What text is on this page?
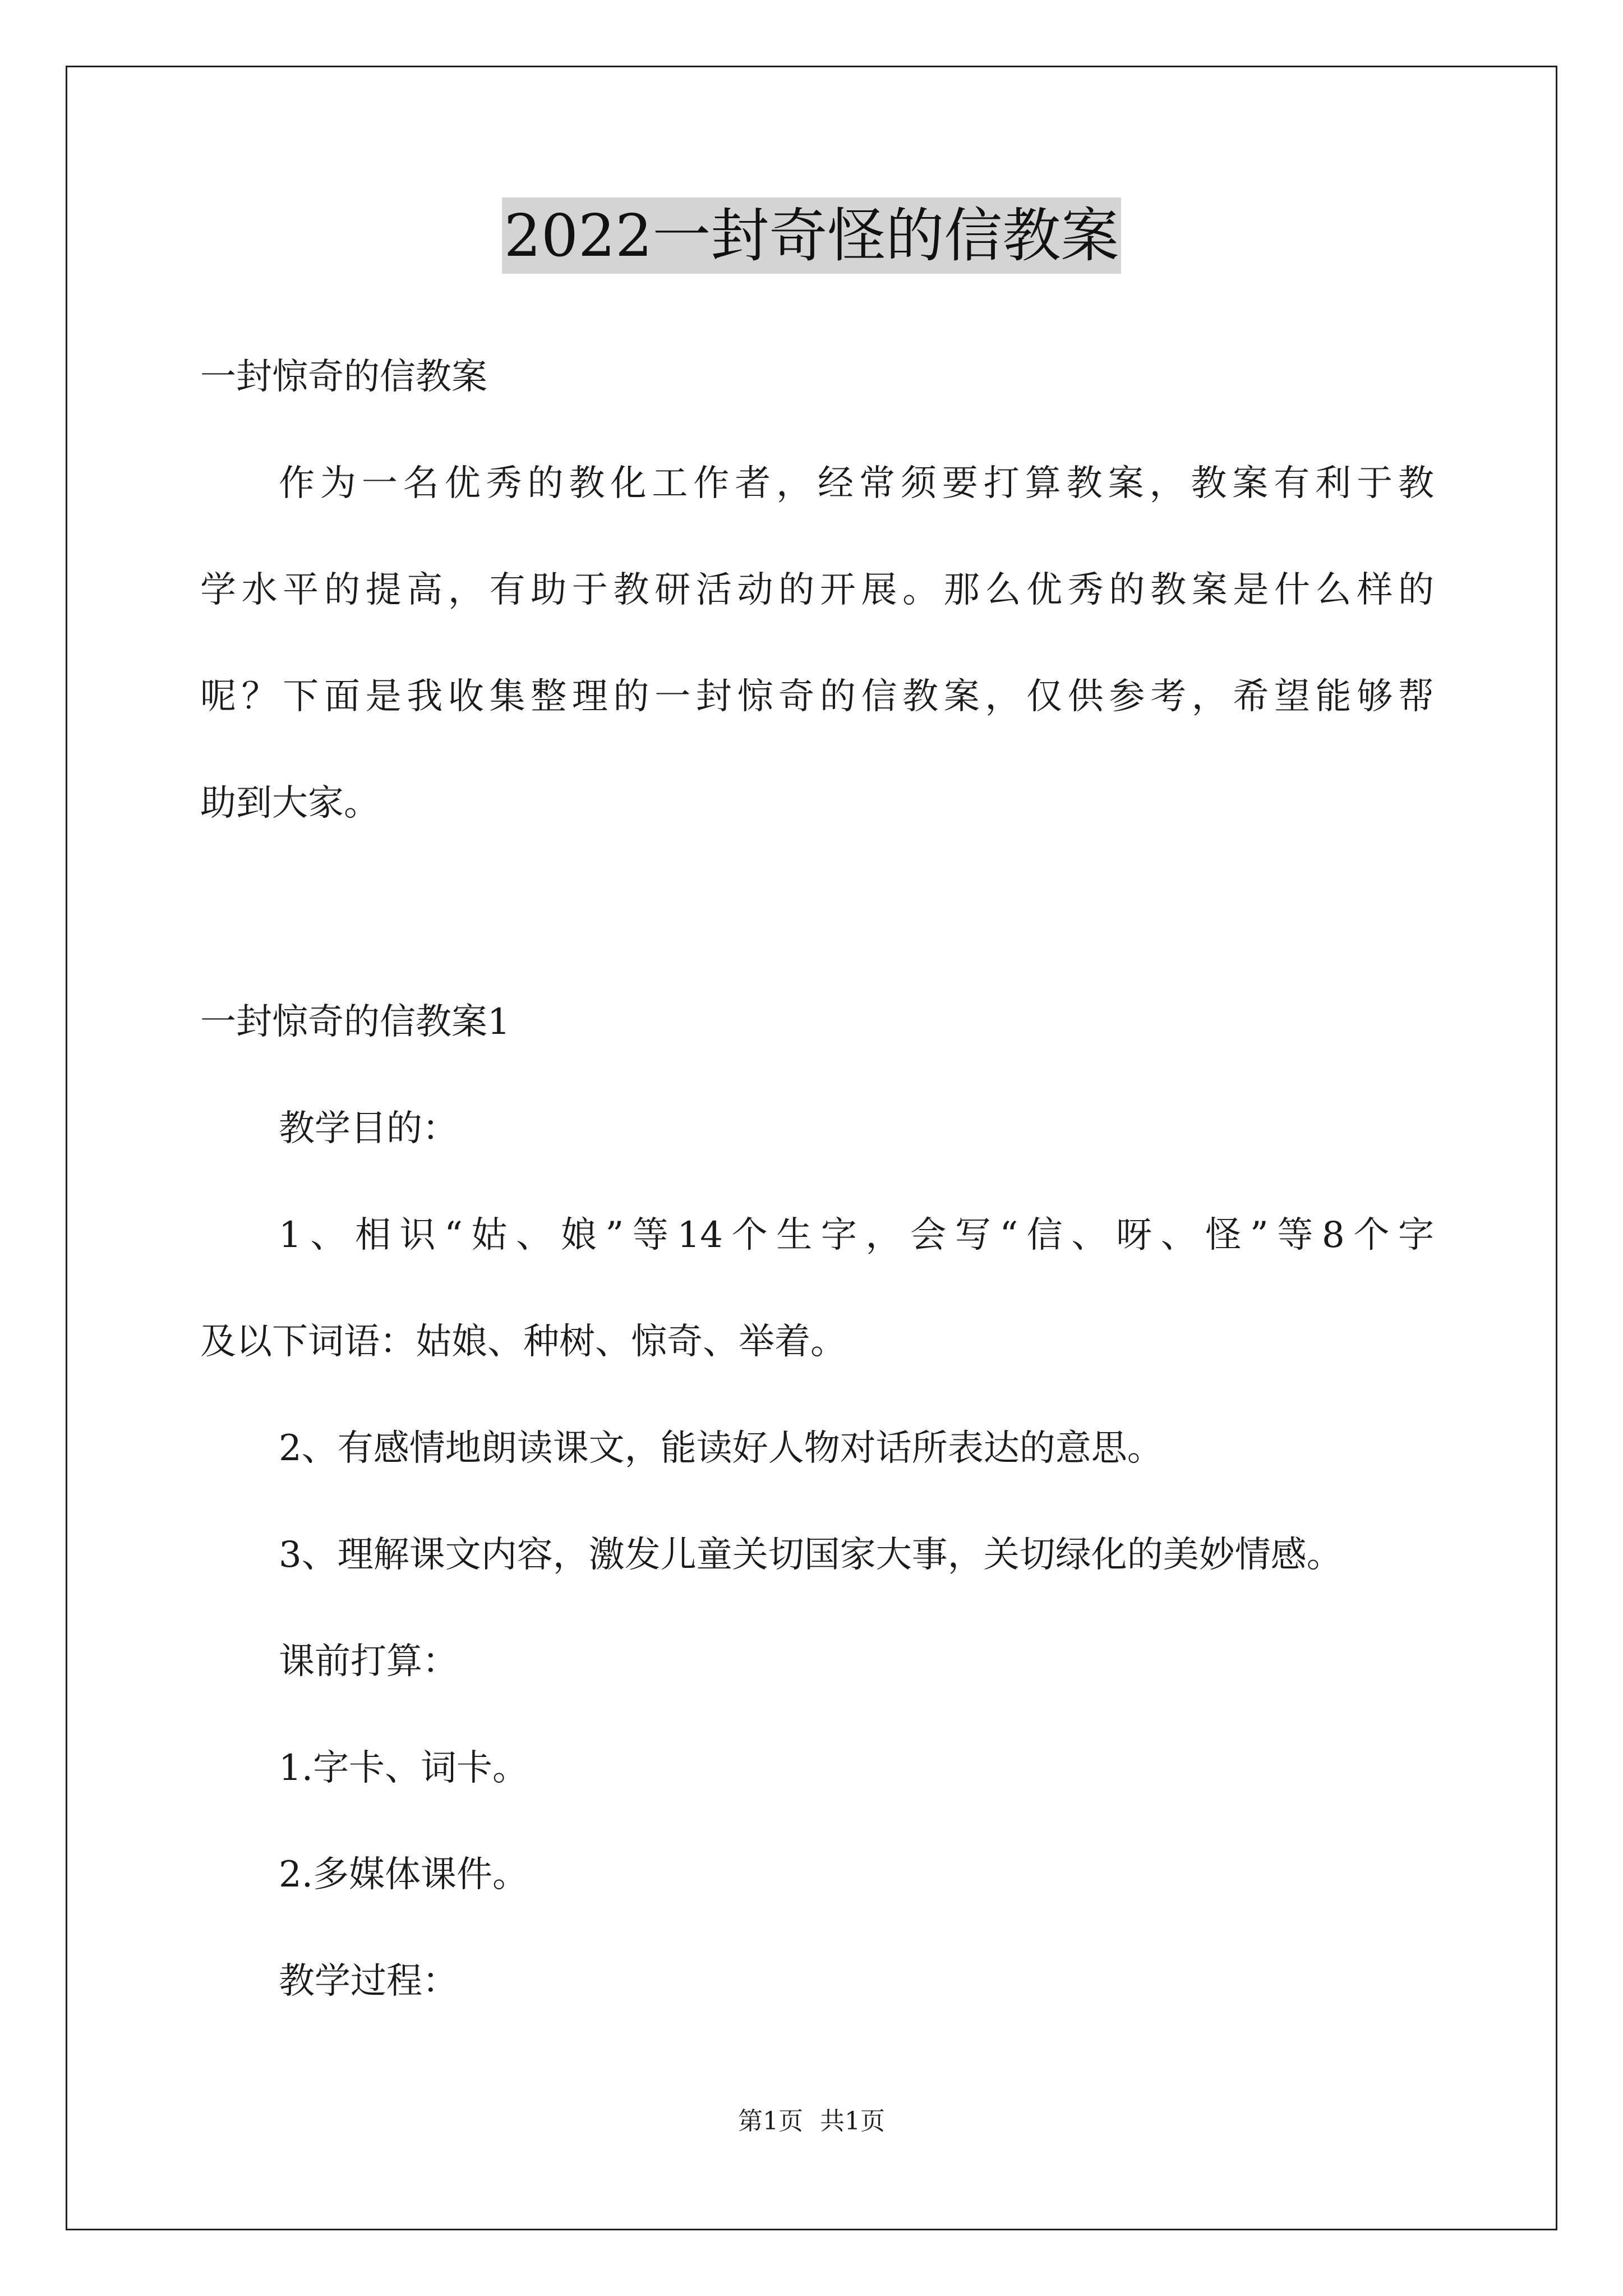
2022一封奇怪的信教案
一封惊奇的信教案
作为一名优秀的教化工作者，经常须要打算教案，教案有利于教
学水平的提高，有助于教研活动的开展。那么优秀的教案是什么样的
呢？下面是我收集整理的一封惊奇的信教案，仅供参考，希望能够帮
助到大家。
一封惊奇的信教案1
教学目的：
1、相识“姑、娘”等14个生字，会写“信、呀、怪”等8个字
及以下词语：姑娘、种树、惊奇、举着。
2、有感情地朗读课文，能读好人物对话所表达的意思。
3、理解课文内容，激发儿童关切国家大事，关切绿化的美妙情感。
课前打算：
1.字卡、词卡。
2.多媒体课件。
教学过程：
第1页 共1页
